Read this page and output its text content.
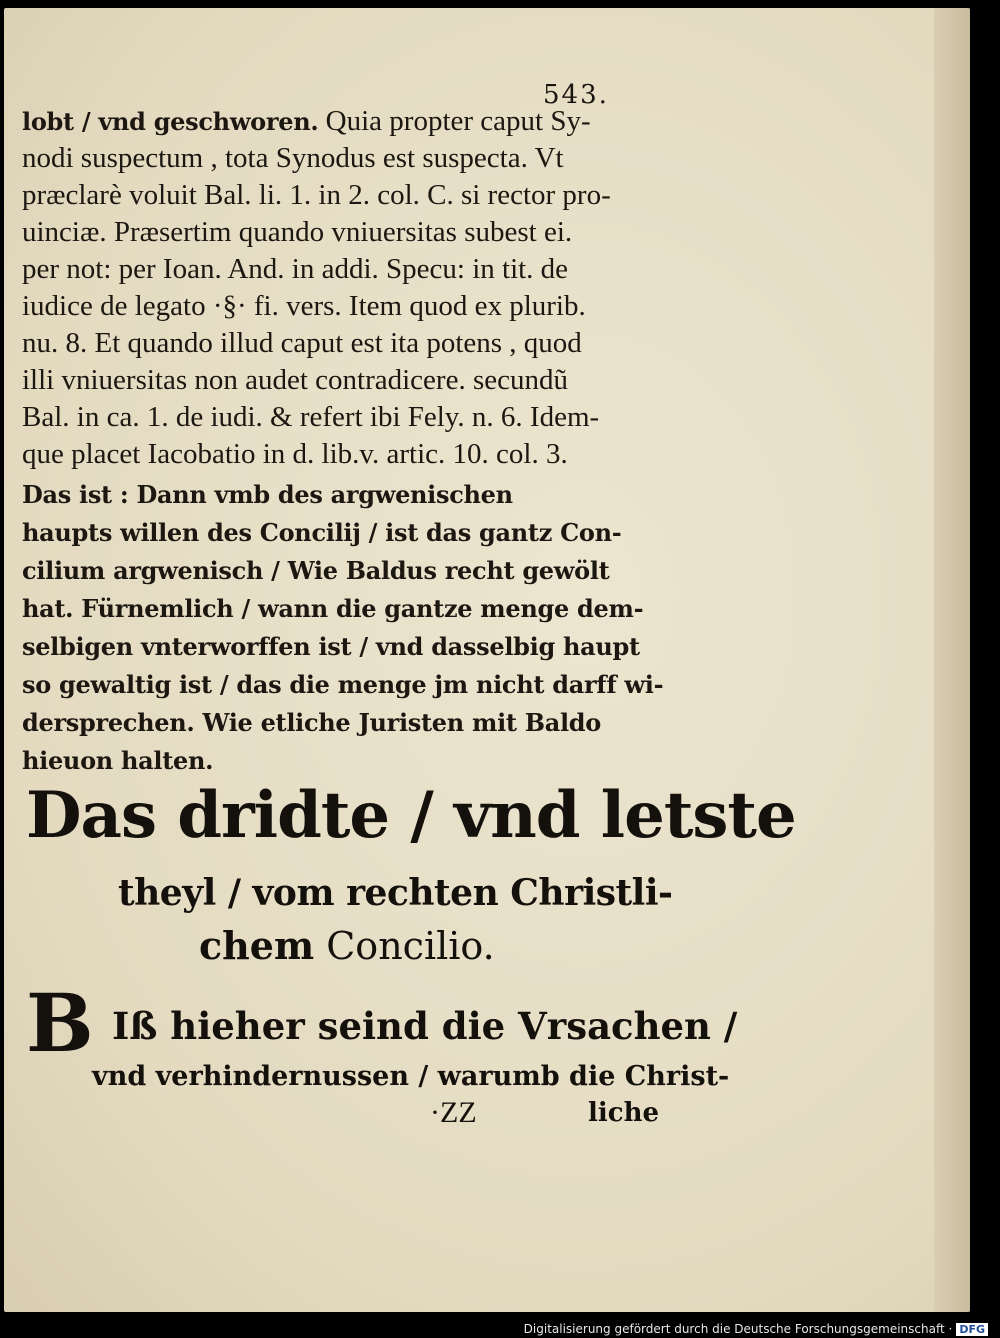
543.
lobt / vnd geschworen. Quia propter caput Sy-
nodi suspectum , tota Synodus est suspecta. Vt
præclarè voluit Bal. li. 1. in 2. col. C. si rector pro-
uinciæ. Præsertim quando vniuersitas subest ei.
per not: per Ioan. And. in addi. Specu: in tit. de
iudice de legato ·§· fi. vers. Item quod ex plurib.
nu. 8. Et quando illud caput est ita potens , quod
illi vniuersitas non audet contradicere. secundũ
Bal. in ca. 1. de iudi. & refert ibi Fely. n. 6. Idem-
que placet Iacobatio in d. lib.v. artic. 10. col. 3.
Das ist : Dann vmb des argwenischen
haupts willen des Concilij / ist das gantz Con-
cilium argwenisch / Wie Baldus recht gewölt
hat. Fürnemlich / wann die gantze menge dem-
selbigen vnterworffen ist / vnd dasselbig haupt
so gewaltig ist / das die menge jm nicht darff wi-
dersprechen. Wie etliche Juristen mit Baldo
hieuon halten.
Das dridte / vnd letste
theyl / vom rechten Christli-
chem Concilio.
B Iß hieher seind die Vrsachen /
vnd verhindernussen / warumb die Christ-
·ZZ	liche
Digitalisierung gefördert durch die Deutsche Forschungsgemeinschaft · DFG
